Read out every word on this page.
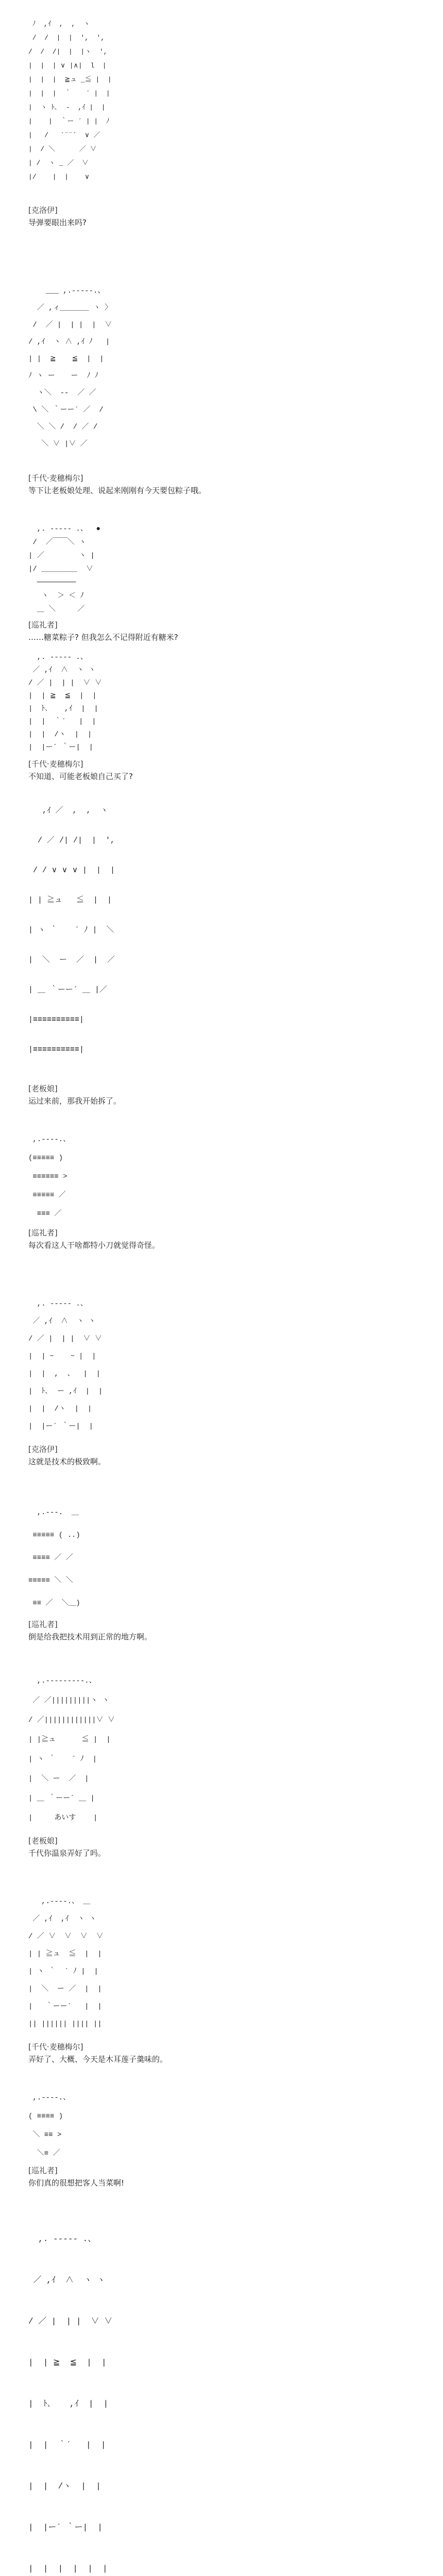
ﾉ  ,ｲ  ,  ,  ヽ
/  /  |  |  ',  ',
/  /  /|  |  |ヽ  ',
|  |  | ∨ |∧|  l  |
|  |  |  ≧ュ _≦ |  |
|  |  |  ｀ 　 ´ |  |
|  ヽ ﾄ､  -  ,ｲ |  |
|    |  ｀ー ´ | |  ﾉ
|   /   `¨¨´  ∨ ／
|  / ＼      ／ ∨
| /  ヽ _ ／  ∨
|/    |  |    ∨
[克洛伊]
导弹要眼出来吗?
___ ,.-‐‐‐‐.、
／ ,ィ＿＿＿＿ ヽ 〉
/  ／ |  | |  |  ∨
/ ,ｲ  ヽ ∧ ,ｲ ﾉ   |
| |  ≧ 　 ≦  |  |
ﾉ ヽ ー 　 ー  ﾉ ﾉ
ヽ＼  ‐‐  ／ ／
\ ＼ ｀ーー´ ／  /
＼ ＼ /  / ／ /
＼ ∨ |∨ ／
[千代·麦穗梅尔]
等下让老板娘处理、说起来刚刚有今天要包粽子哦。
,. -‐‐‐‐ .、  ●
/  ／￣￣＼ ヽ
| ／        ヽ |
|/ ＿＿＿＿＿  ∨
─────────
ヽ  ＞ ＜ ﾉ
＿ ＼     ／
[巡礼者]
……糖菜粽子? 但我怎么不记得附近有糖米?
,. ‐‐‐‐‐ .、
／ ,ｲ  ∧  ヽ ヽ
/ ／ |  | |  ∨ ∨
|  | ≧  ≦  |  |
|  ﾄ､ 　 ,ｲ  |  |
|  |  ｀´   |  |
|  |  /ヽ  |  |
|  |ー´ ｀ー|  |
[千代·麦穗梅尔]
不知道、可能老板娘自己买了?
,ｲ ／  ,  ,  ヽ
/ ／ /| /|  |  ',
/ / ∨ ∨ ∨ |  |  |
| | ≧ュ   ≦  |  |
| ヽ ｀ 　 ´ ﾉ |  ＼
|  ＼  ー  ／  |  ／
| ＿ ｀ーー´ ＿ |／
|≡≡≡≡≡≡≡≡≡≡|
|≡≡≡≡≡≡≡≡≡≡|
[老板娘]
运过来前，那我开始拆了。
,.-‐‐‐.、
(≡≡≡≡≡ )
≡≡≡≡≡≡ >
≡≡≡≡≡ ／
≡≡≡ ／
[巡礼者]
每次看这人干啥都特小刀就觉得奇怪。
,. ‐‐‐‐‐ .、
／ ,ｲ  ∧  ヽ ヽ
/ ／ |  | |  ∨ ∨
|  | ｰ    ｰ |  |
|  |  ,  、  |  |
|  ﾄ､  ー ,ｲ  |  |
|  |  /ヽ  |  |
|  |ー´ ｀ー|  |
[克洛伊]
这就是技术的极致啊。
,.-‐‐.  ＿
≡≡≡≡≡ ( ..)
≡≡≡≡ ／ ／
≡≡≡≡≡ ＼ ＼
≡≡ ／  ＼＿)
[巡礼者]
倒是给我把技术用到正常的地方啊。
,.-‐‐‐‐‐‐‐-.、
／ ／|||||||||ヽ ヽ
/ ／||||||||||||∨ ∨
| |≧ュ      ≦ |  |
| ヽ ｀ 　 ´ ﾉ  |
|  ＼ ー  ／  |
| ＿ ｀ーー´ ＿ |
|     あいす    |
[老板娘]
千代你温泉弄好了吗。
,.-‐‐‐.、 ＿
／ ,ｲ  ,ｲ  ヽ ヽ
/ ／ ∨  ∨  ∨  ∨
| | ≧ュ  ≦  |  |
| ヽ ｀  ´ ﾉ |  |
|  ＼  ー ／  |  |
|   ｀ーー´   |  |
|| |||||| |||| ||
[千代·麦穗梅尔]
弄好了、大概、今天是木耳莲子羹味的。
,.-‐‐‐.、
( ≡≡≡≡ )
＼ ≡≡ >
＼≡ ／
[巡礼者]
你们真的很想把客人当菜啊!
,. ‐‐‐‐‐ .、
／ ,ｲ  ∧  ヽ ヽ
/ ／ |  | |  ∨ ∨
|  | ≧  ≦  |  |
|  ﾄ､ 　 ,ｲ  |  |
|  |  ｀´   |  |
|  |  /ヽ  |  |
|  |ー´ ｀ー|  |
|  |  |  |  |  |
